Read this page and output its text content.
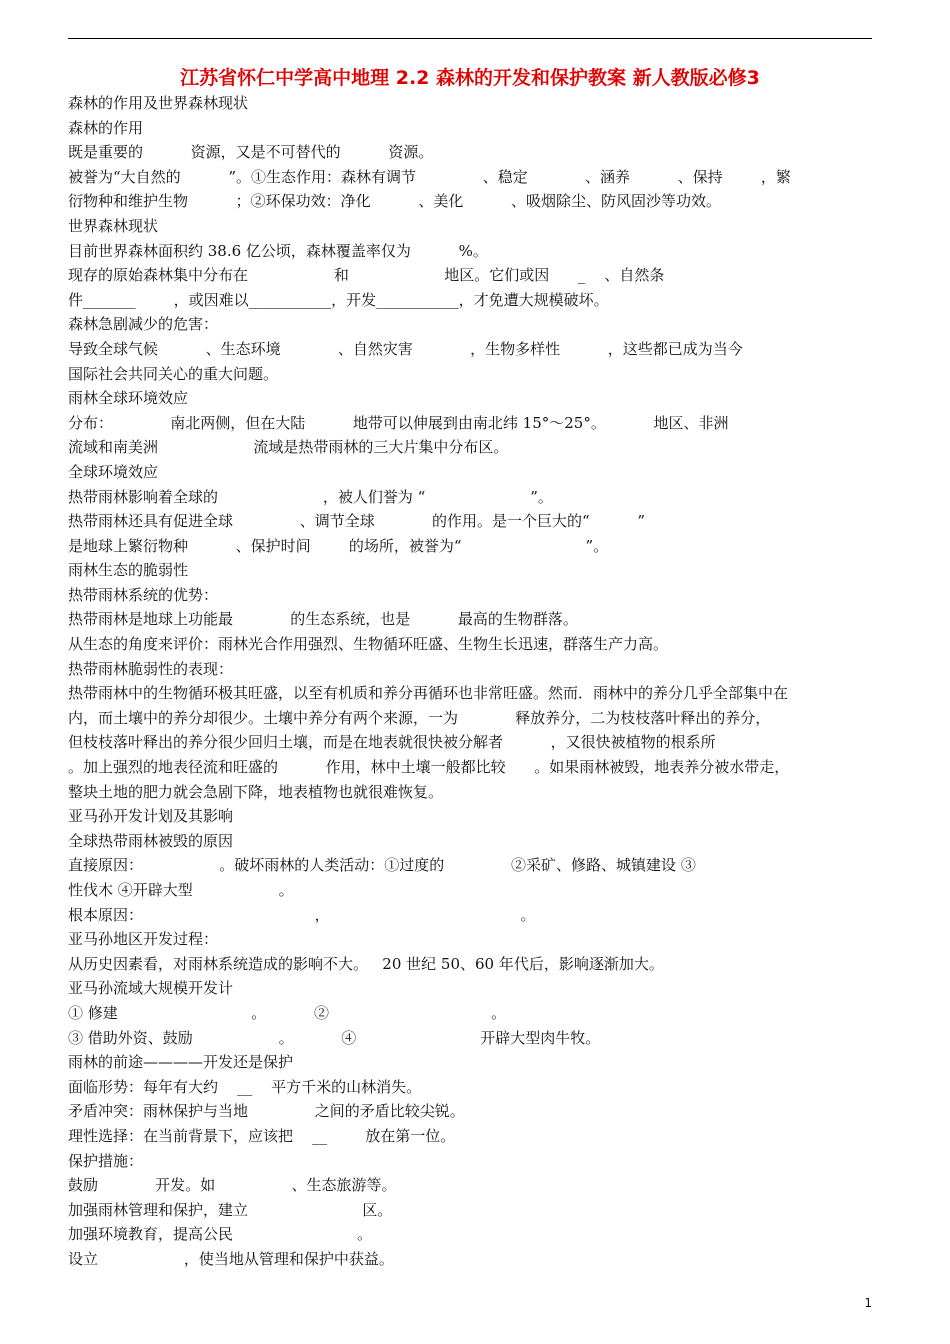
江苏省怀仁中学高中地理 2.2 森林的开发和保护教案 新人教版必修3
森林的作用及世界森林现状
森林的作用
既是重要的          资源，又是不可替代的          资源。
被誉为“大自然的          ”。①生态作用：森林有调节              、稳定            、涵养          、保持        ，繁
衍物种和维护生物          ；②环保功效：净化          、美化          、吸烟除尘、防风固沙等功效。
世界森林现状
目前世界森林面积约 38.6 亿公顷，森林覆盖率仅为          %。
现存的原始森林集中分布在                  和                    地区。它们或因      _    、自然条
件_______        ，或因难以___________，开发___________，才免遭大规模破坏。
森林急剧减少的危害：
导致全球气候          、生态环境            、自然灾害            ，生物多样性          ，这些都已成为当今
国际社会共同关心的重大问题。
雨林全球环境效应
分布：            南北两侧，但在大陆          地带可以伸展到由南北纬 15°～25°。          地区、非洲
流域和南美洲                    流域是热带雨林的三大片集中分布区。
全球环境效应
热带雨林影响着全球的                      ，被人们誉为 “                      ”。
热带雨林还具有促进全球              、调节全球            的作用。是一个巨大的“          ”
是地球上繁衍物种          、保护时间        的场所，被誉为“                          ”。
雨林生态的脆弱性
热带雨林系统的优势：
热带雨林是地球上功能最            的生态系统，也是          最高的生物群落。
从生态的角度来评价：雨林光合作用强烈、生物循环旺盛、生物生长迅速，群落生产力高。
热带雨林脆弱性的表现：
热带雨林中的生物循环极其旺盛，以至有机质和养分再循环也非常旺盛。然而．雨林中的养分几乎全部集中在
内，而土壤中的养分却很少。土壤中养分有两个来源，一为            释放养分，二为枝枝落叶释出的养分，
但枝枝落叶释出的养分很少回归土壤，而是在地表就很快被分解者          ，又很快被植物的根系所
。加上强烈的地表径流和旺盛的          作用，林中土壤一般都比较      。如果雨林被毁，地表养分被水带走，
整块土地的肥力就会急剧下降，地表植物也就很难恢复。
亚马孙开发计划及其影响
全球热带雨林被毁的原因
直接原因：                。破坏雨林的人类活动：①过度的              ②采矿、修路、城镇建设 ③
性伐木 ④开辟大型                  。
根本原因：                                    ，                                        。
亚马孙地区开发过程：
从历史因素看，对雨林系统造成的影响不大。   20 世纪 50、60 年代后，影响逐渐加大。
亚马孙流域大规模开发计
① 修建                            。          ②                                  。
③ 借助外资、鼓励                  。          ④                          开辟大型肉牛牧。
雨林的前途————开发还是保护
面临形势：每年有大约    __    平方千米的山林消失。
矛盾冲突：雨林保护与当地              之间的矛盾比较尖锐。
理性选择：在当前背景下，应该把    __        放在第一位。
保护措施：
鼓励            开发。如                、生态旅游等。
加强雨林管理和保护，建立                        区。
加强环境教育，提高公民                          。
设立                  ，使当地从管理和保护中获益。
1
